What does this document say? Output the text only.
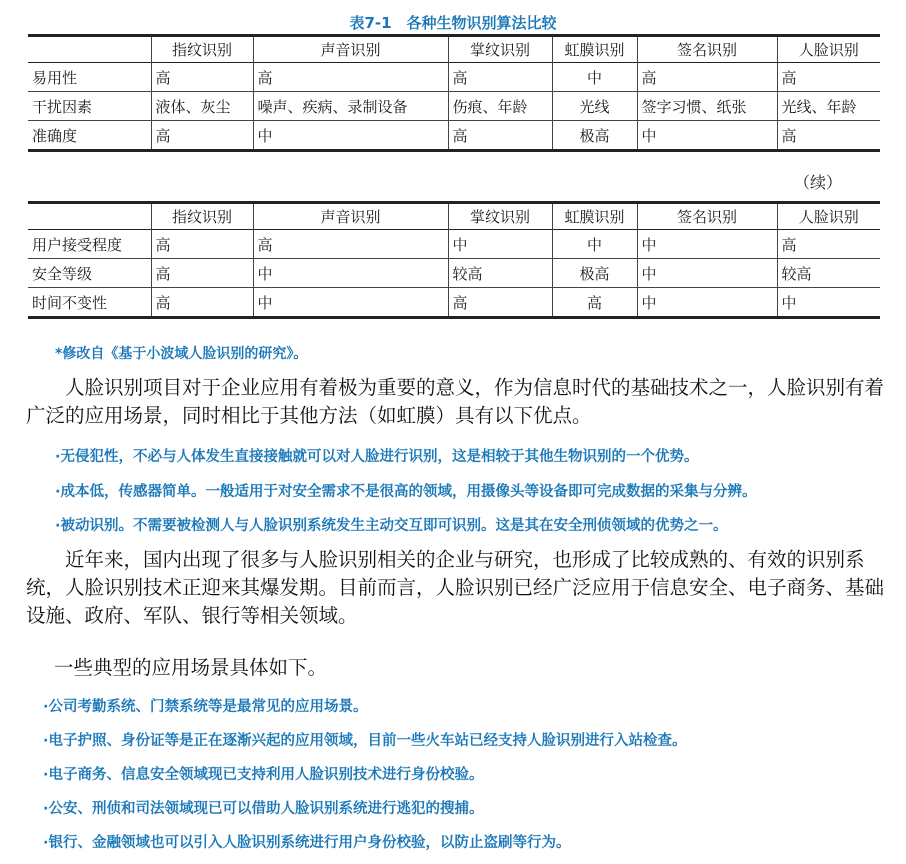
表7-1　各种生物识别算法比较
	指纹识别	声音识别	掌纹识别	虹膜识别	签名识别	人脸识别
易用性	高	高	高	中	高	高
干扰因素	液体、灰尘	噪声、疾病、录制设备	伤痕、年龄	光线	签字习惯、纸张	光线、年龄
准确度	高	中	高	极高	中	高
（续）
	指纹识别	声音识别	掌纹识别	虹膜识别	签名识别	人脸识别
用户接受程度	高	高	中	中	中	高
安全等级	高	中	较高	极高	中	较高
时间不变性	高	中	高	高	中	中
*修改自《基于小波域人脸识别的研究》。
人脸识别项目对于企业应用有着极为重要的意义，作为信息时代的基础技术之一，人脸识别有着广泛的应用场景，同时相比于其他方法（如虹膜）具有以下优点。
·无侵犯性，不必与人体发生直接接触就可以对人脸进行识别，这是相较于其他生物识别的一个优势。
·成本低，传感器简单。一般适用于对安全需求不是很高的领域，用摄像头等设备即可完成数据的采集与分辨。
·被动识别。不需要被检测人与人脸识别系统发生主动交互即可识别。这是其在安全刑侦领域的优势之一。
近年来，国内出现了很多与人脸识别相关的企业与研究，也形成了比较成熟的、有效的识别系统，人脸识别技术正迎来其爆发期。目前而言，人脸识别已经广泛应用于信息安全、电子商务、基础设施、政府、军队、银行等相关领域。
一些典型的应用场景具体如下。
·公司考勤系统、门禁系统等是最常见的应用场景。
·电子护照、身份证等是正在逐渐兴起的应用领域，目前一些火车站已经支持人脸识别进行入站检查。
·电子商务、信息安全领域现已支持利用人脸识别技术进行身份校验。
·公安、刑侦和司法领域现已可以借助人脸识别系统进行逃犯的搜捕。
·银行、金融领域也可以引入人脸识别系统进行用户身份校验，以防止盗刷等行为。
